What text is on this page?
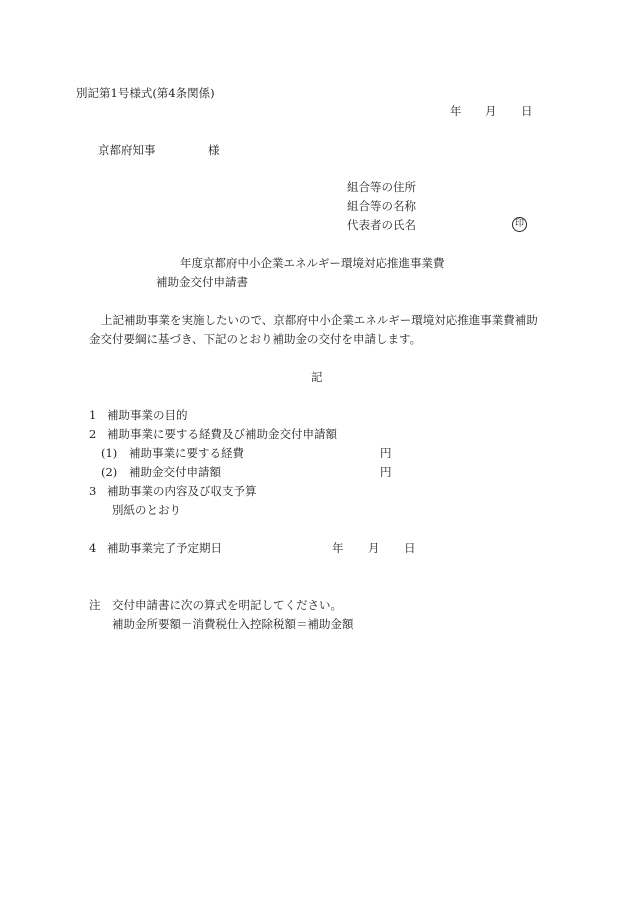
別記第1号様式(第4条関係)
年 月 日
京都府知事	様
組合等の住所
組合等の名称
代表者の氏名	印
年度京都府中小企業エネルギー環境対応推進事業費
補助金交付申請書
上記補助事業を実施したいので、京都府中小企業エネルギー環境対応推進事業費補助
金交付要綱に基づき、下記のとおり補助金の交付を申請します。
記
1 補助事業の目的
2 補助事業に要する経費及び補助金交付申請額
(1) 補助事業に要する経費	円
(2) 補助金交付申請額	円
3 補助事業の内容及び収支予算
別紙のとおり
4 補助事業完了予定期日	年 月 日
注 交付申請書に次の算式を明記してください。
補助金所要額－消費税仕入控除税額＝補助金額
